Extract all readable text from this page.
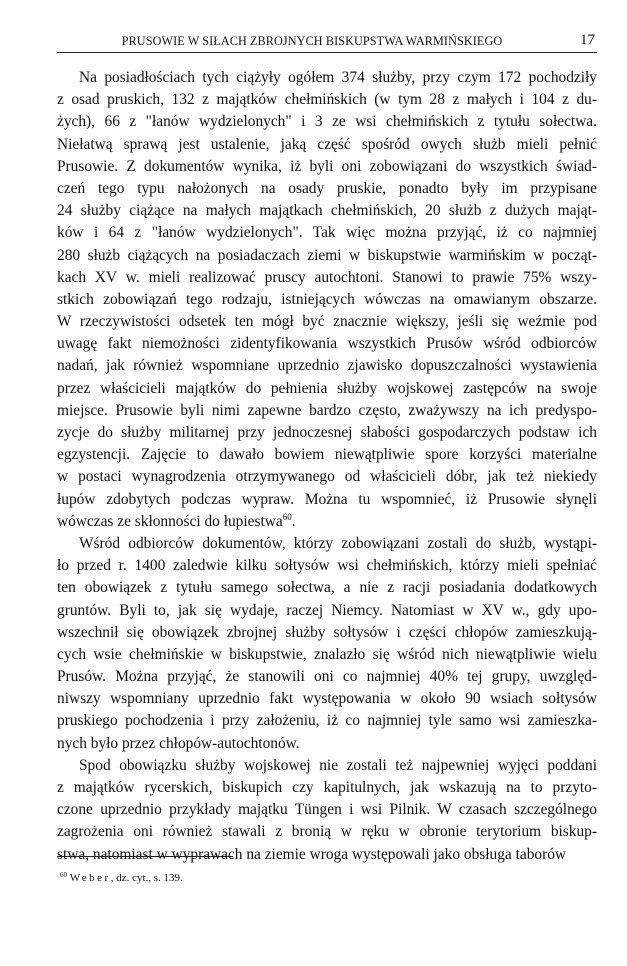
PRUSOWIE W SIŁACH ZBROJNYCH BISKUPSTWA WARMIŃSKIEGO	17
Na posiadłościach tych ciążyły ogółem 374 służby, przy czym 172 pochodziły
z osad pruskich, 132 z majątków chełmińskich (w tym 28 z małych i 104 z du-
żych), 66 z "łanów wydzielonych" i 3 ze wsi chełmińskich z tytułu sołectwa.
Niełatwą sprawą jest ustalenie, jaką część spośród owych służb mieli pełnić
Prusowie. Z dokumentów wynika, iż byli oni zobowiązani do wszystkich świad-
czeń tego typu nałożonych na osady pruskie, ponadto były im przypisane
24 służby ciążące na małych majątkach chełmińskich, 20 służb z dużych mająt-
ków i 64 z "łanów wydzielonych". Tak więc można przyjąć, iż co najmniej
280 służb ciążących na posiadaczach ziemi w biskupstwie warmińskim w począt-
kach XV w. mieli realizować pruscy autochtoni. Stanowi to prawie 75% wszy-
stkich zobowiązań tego rodzaju, istniejących wówczas na omawianym obszarze.
W rzeczywistości odsetek ten mógł być znacznie większy, jeśli się weźmie pod
uwagę fakt niemożności zidentyfikowania wszystkich Prusów wśród odbiorców
nadań, jak również wspomniane uprzednio zjawisko dopuszczalności wystawienia
przez właścicieli majątków do pełnienia służby wojskowej zastępców na swoje
miejsce. Prusowie byli nimi zapewne bardzo często, zważywszy na ich predyspo-
zycje do służby militarnej przy jednoczesnej słabości gospodarczych podstaw ich
egzystencji. Zajęcie to dawało bowiem niewątpliwie spore korzyści materialne
w postaci wynagrodzenia otrzymywanego od właścicieli dóbr, jak też niekiedy
łupów zdobytych podczas wypraw. Można tu wspomnieć, iż Prusowie słynęli
wówczas ze skłonności do łupiestwa$^{60}$.
Wśród odbiorców dokumentów, którzy zobowiązani zostali do służb, wystąpi-
ło przed r. 1400 zaledwie kilku sołtysów wsi chełmińskich, którzy mieli spełniać
ten obowiązek z tytułu samego sołectwa, a nie z racji posiadania dodatkowych
gruntów. Byli to, jak się wydaje, raczej Niemcy. Natomiast w XV w., gdy upo-
wszechnił się obowiązek zbrojnej służby sołtysów i części chłopów zamieszkują-
cych wsie chełmińskie w biskupstwie, znalazło się wśród nich niewątpliwie wielu
Prusów. Można przyjąć, że stanowili oni co najmniej 40% tej grupy, uwzględ-
niwszy wspomniany uprzednio fakt występowania w około 90 wsiach sołtysów
pruskiego pochodzenia i przy założeniu, iż co najmniej tyle samo wsi zamieszka-
nych było przez chłopów-autochtonów.
Spod obowiązku służby wojskowej nie zostali też najpewniej wyjęci poddani
z majątków rycerskich, biskupich czy kapitulnych, jak wskazują na to przyto-
czone uprzednio przykłady majątku Tüngen i wsi Pilnik. W czasach szczególnego
zagrożenia oni również stawali z bronią w ręku w obronie terytorium biskup-
stwa, natomiast w wyprawach na ziemie wroga występowali jako obsługa taborów
$^{60}$ Weber, dz. cyt., s. 139.
